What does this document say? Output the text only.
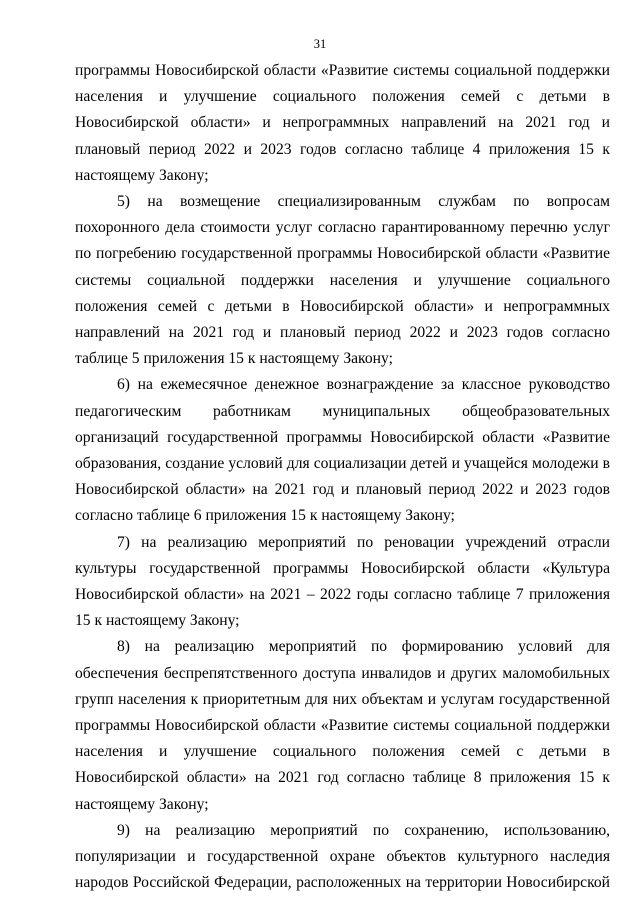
31

программы Новосибирской области «Развитие системы социальной поддержки населения и улучшение социального положения семей с детьми в Новосибирской области» и непрограммных направлений на 2021 год и плановый период 2022 и 2023 годов согласно таблице 4 приложения 15 к настоящему Закону;

5) на возмещение специализированным службам по вопросам похоронного дела стоимости услуг согласно гарантированному перечню услуг по погребению государственной программы Новосибирской области «Развитие системы социальной поддержки населения и улучшение социального положения семей с детьми в Новосибирской области» и непрограммных направлений на 2021 год и плановый период 2022 и 2023 годов согласно таблице 5 приложения 15 к настоящему Закону;

6) на ежемесячное денежное вознаграждение за классное руководство педагогическим работникам муниципальных общеобразовательных организаций государственной программы Новосибирской области «Развитие образования, создание условий для социализации детей и учащейся молодежи в Новосибирской области» на 2021 год и плановый период 2022 и 2023 годов согласно таблице 6 приложения 15 к настоящему Закону;

7) на реализацию мероприятий по реновации учреждений отрасли культуры государственной программы Новосибирской области «Культура Новосибирской области» на 2021 – 2022 годы согласно таблице 7 приложения 15 к настоящему Закону;

8) на реализацию мероприятий по формированию условий для обеспечения беспрепятственного доступа инвалидов и других маломобильных групп населения к приоритетным для них объектам и услугам государственной программы Новосибирской области «Развитие системы социальной поддержки населения и улучшение социального положения семей с детьми в Новосибирской области» на 2021 год согласно таблице 8 приложения 15 к настоящему Закону;

9) на реализацию мероприятий по сохранению, использованию, популяризации и государственной охране объектов культурного наследия народов Российской Федерации, расположенных на территории Новосибирской
